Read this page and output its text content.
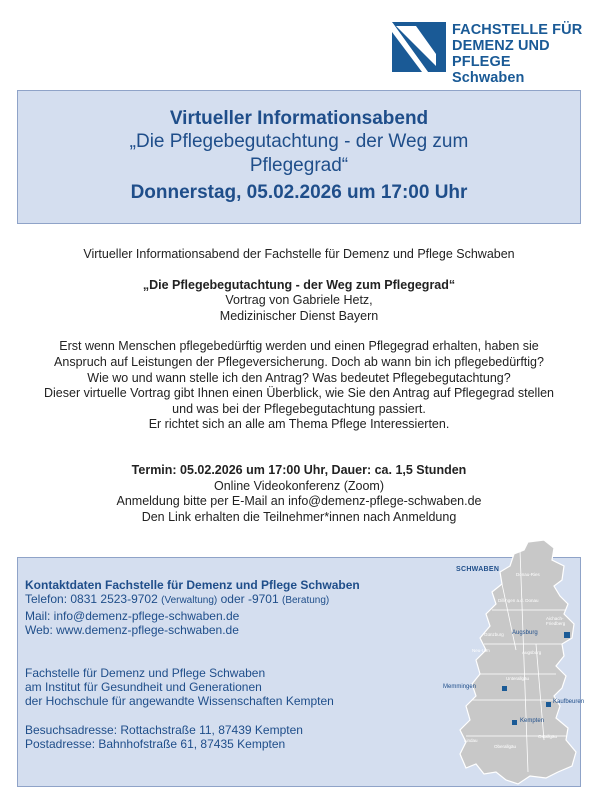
FACHSTELLE FÜR
DEMENZ UND PFLEGE
Schwaben
Virtueller Informationsabend
„Die Pflegebegutachtung - der Weg zum
Pflegegrad“
Donnerstag, 05.02.2026 um 17:00 Uhr

Virtueller Informationsabend der Fachstelle für Demenz und Pflege Schwaben

„Die Pflegebegutachtung - der Weg zum Pflegegrad“

Vortrag von Gabriele Hetz,

Medizinischer Dienst Bayern

Erst wenn Menschen pflegebedürftig werden und einen Pflegegrad erhalten, haben sie

Anspruch auf Leistungen der Pflegeversicherung. Doch ab wann bin ich pflegebedürftig?

Wie wo und wann stelle ich den Antrag? Was bedeutet Pflegebegutachtung?

Dieser virtuelle Vortrag gibt Ihnen einen Überblick, wie Sie den Antrag auf Pflegegrad stellen

und was bei der Pflegebegutachtung passiert.

Er richtet sich an alle am Thema Pflege Interessierten.

Termin: 05.02.2026 um 17:00 Uhr, Dauer: ca. 1,5 Stunden

Online Videokonferenz (Zoom)

Anmeldung bitte per E-Mail an info@demenz-pflege-schwaben.de

Den Link erhalten die Teilnehmer*innen nach Anmeldung

Kontaktdaten Fachstelle für Demenz und Pflege Schwaben

Telefon: 0831 2523-9702 (Verwaltung) oder -9701 (Beratung)

Mail: info@demenz-pflege-schwaben.de

Web: www.demenz-pflege-schwaben.de

Fachstelle für Demenz und Pflege Schwaben

am Institut für Gesundheit und Generationen

der Hochschule für angewandte Wissenschaften Kempten

Besuchsadresse: Rottachstraße 11, 87439 Kempten

Postadresse: Bahnhofstraße 61, 87435 Kempten

SCHWABEN
Augsburg
Memmingen
Kaufbeuren
Kempten
Donau-Ries
Dillingen a.d. Donau
Aichach-Friedberg
Günzburg
Neu-Ulm	Augsburg
Unterallgäu
Ostallgäu
Lindau
Oberallgäu
